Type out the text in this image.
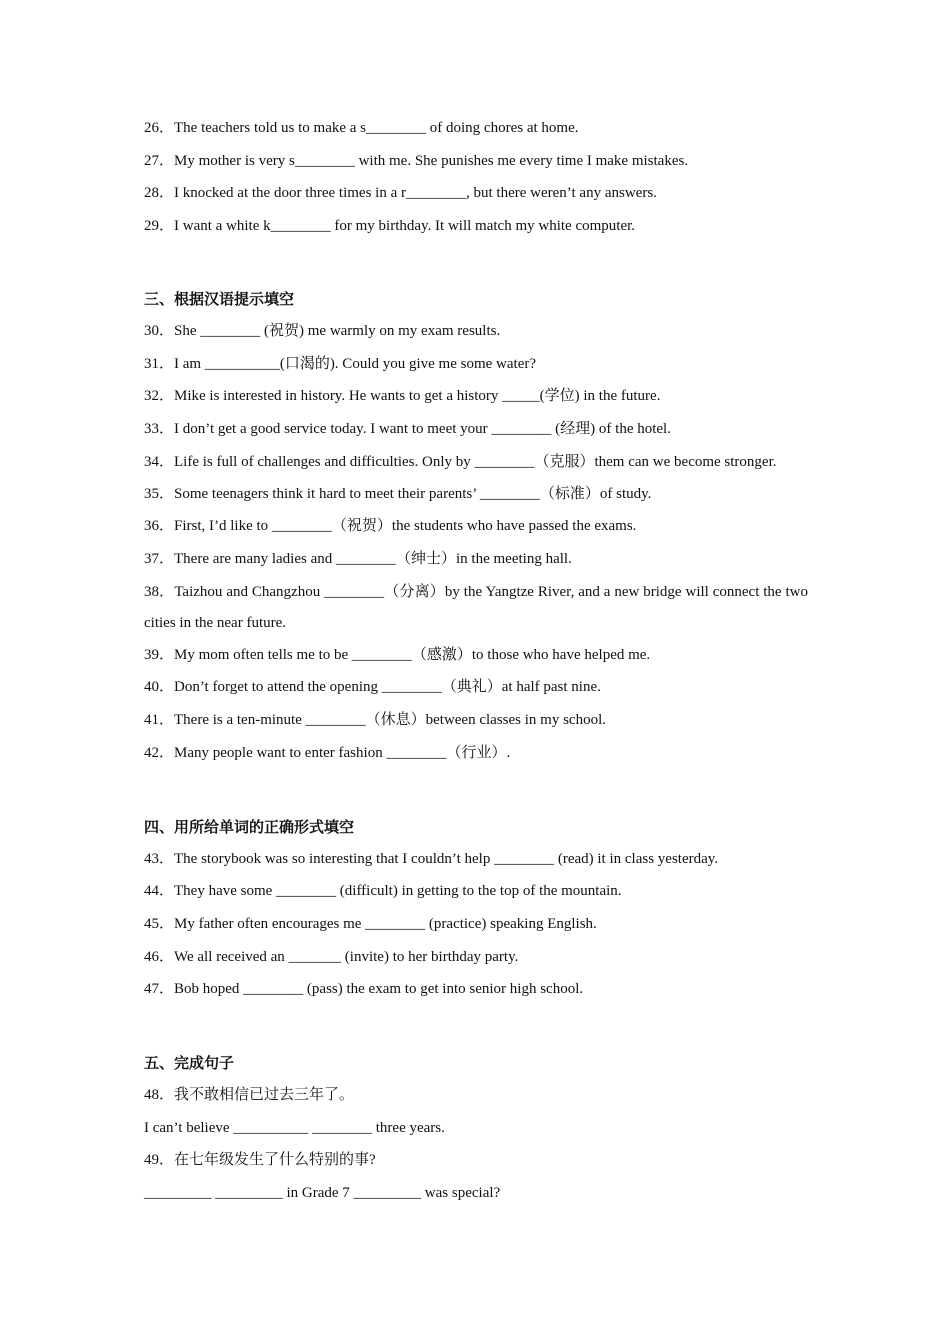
26．The teachers told us to make a s________ of doing chores at home.
27．My mother is very s________ with me. She punishes me every time I make mistakes.
28．I knocked at the door three times in a r________, but there weren’t any answers.
29．I want a white k________ for my birthday. It will match my white computer.
三、根据汉语提示填空
30．She ________ (祝贺) me warmly on my exam results.
31．I am __________(口渴的). Could you give me some water?
32．Mike is interested in history. He wants to get a history _____(学位) in the future.
33．I don’t get a good service today. I want to meet your ________ (经理) of the hotel.
34．Life is full of challenges and difficulties. Only by ________（克服）them can we become stronger.
35．Some teenagers think it hard to meet their parents’ ________（标准）of study.
36．First, I’d like to ________（祝贺）the students who have passed the exams.
37．There are many ladies and ________（绅士）in the meeting hall.
38．Taizhou and Changzhou ________（分离）by the Yangtze River, and a new bridge will connect the two cities in the near future.
39．My mom often tells me to be ________（感激）to those who have helped me.
40．Don’t forget to attend the opening ________（典礼）at half past nine.
41．There is a ten-minute ________（休息）between classes in my school.
42．Many people want to enter fashion ________（行业）.
四、用所给单词的正确形式填空
43．The storybook was so interesting that I couldn’t help ________ (read) it in class yesterday.
44．They have some ________ (difficult) in getting to the top of the mountain.
45．My father often encourages me ________ (practice) speaking English.
46．We all received an _______ (invite) to her birthday party.
47．Bob hoped ________ (pass) the exam to get into senior high school.
五、完成句子
48．我不敢相信已过去三年了。
I can’t believe __________ ________ three years.
49．在七年级发生了什么特别的事?
_________ _________ in Grade 7 _________ was special?
